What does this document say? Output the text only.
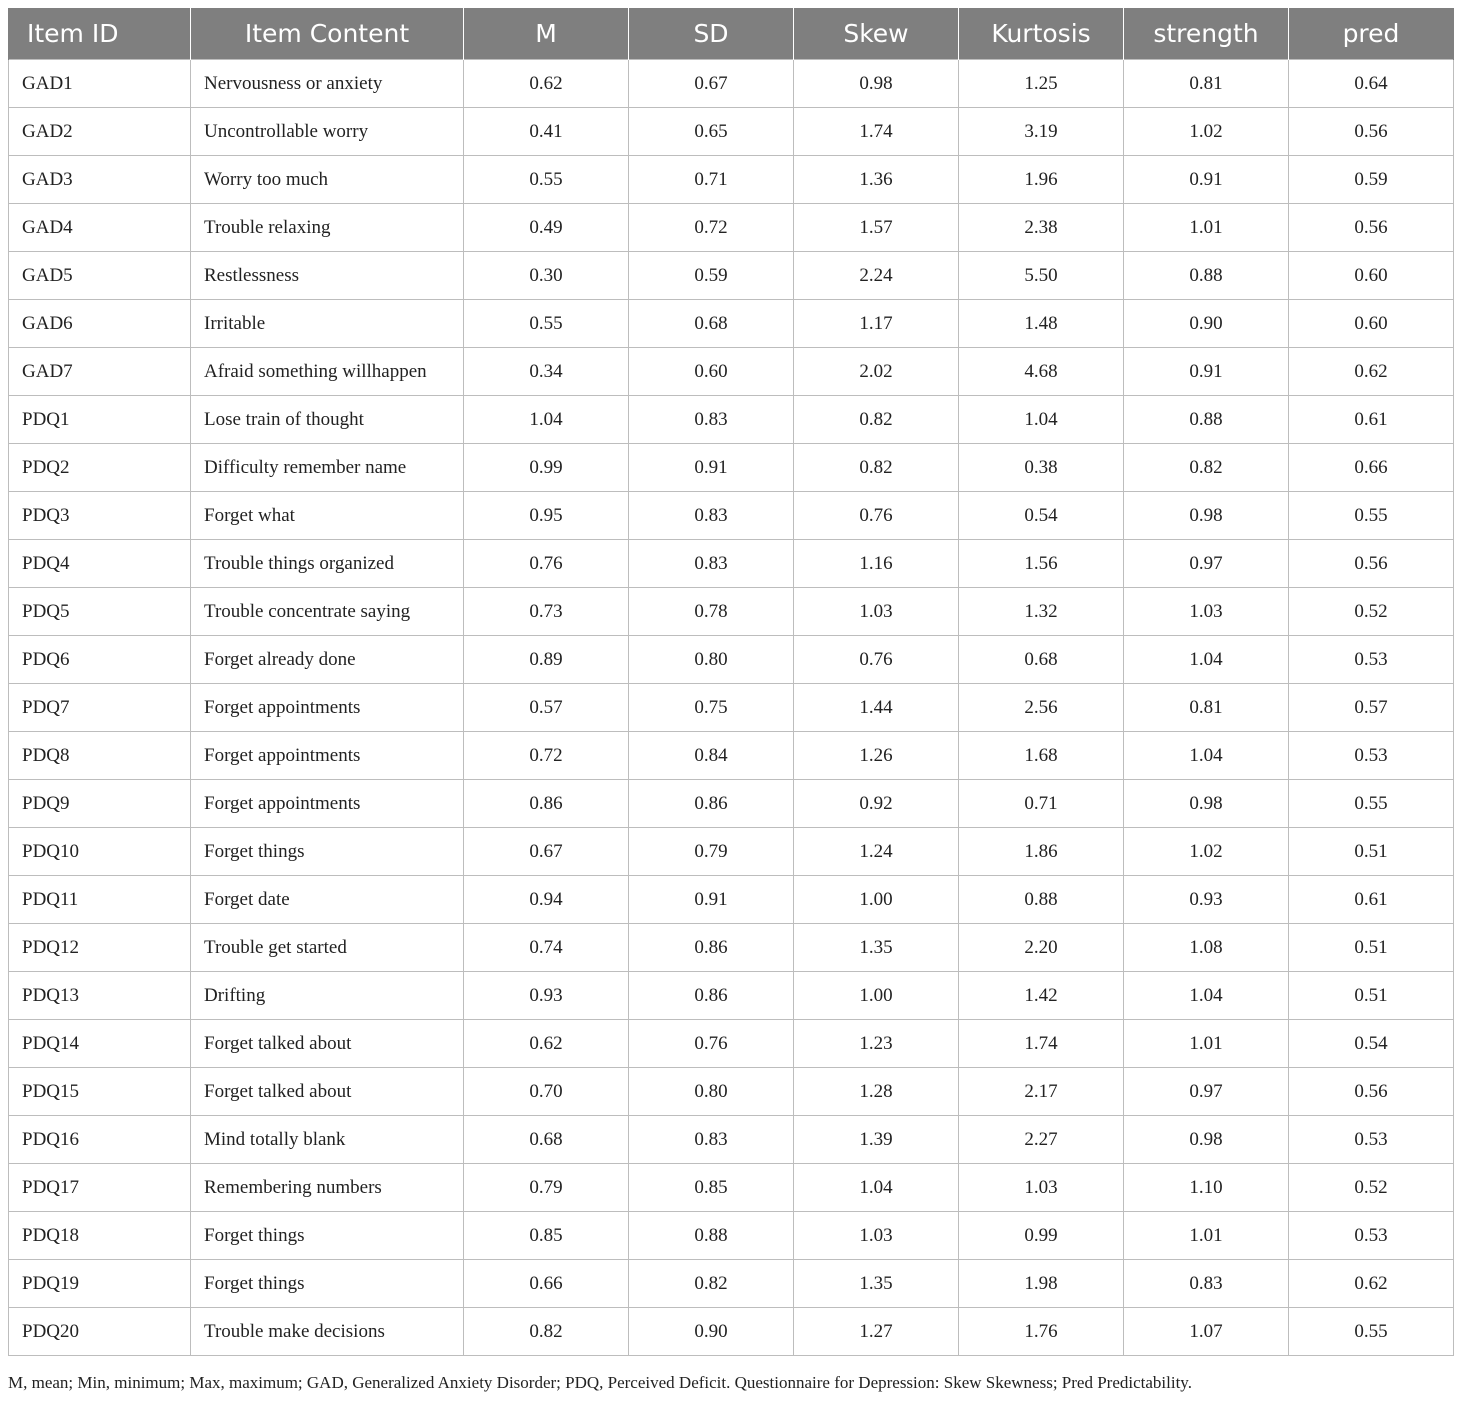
Item ID	Item Content	M	SD	Skew	Kurtosis	strength	pred
GAD1	Nervousness or anxiety	0.62	0.67	0.98	1.25	0.81	0.64
GAD2	Uncontrollable worry	0.41	0.65	1.74	3.19	1.02	0.56
GAD3	Worry too much	0.55	0.71	1.36	1.96	0.91	0.59
GAD4	Trouble relaxing	0.49	0.72	1.57	2.38	1.01	0.56
GAD5	Restlessness	0.30	0.59	2.24	5.50	0.88	0.60
GAD6	Irritable	0.55	0.68	1.17	1.48	0.90	0.60
GAD7	Afraid something willhappen	0.34	0.60	2.02	4.68	0.91	0.62
PDQ1	Lose train of thought	1.04	0.83	0.82	1.04	0.88	0.61
PDQ2	Difficulty remember name	0.99	0.91	0.82	0.38	0.82	0.66
PDQ3	Forget what	0.95	0.83	0.76	0.54	0.98	0.55
PDQ4	Trouble things organized	0.76	0.83	1.16	1.56	0.97	0.56
PDQ5	Trouble concentrate saying	0.73	0.78	1.03	1.32	1.03	0.52
PDQ6	Forget already done	0.89	0.80	0.76	0.68	1.04	0.53
PDQ7	Forget appointments	0.57	0.75	1.44	2.56	0.81	0.57
PDQ8	Forget appointments	0.72	0.84	1.26	1.68	1.04	0.53
PDQ9	Forget appointments	0.86	0.86	0.92	0.71	0.98	0.55
PDQ10	Forget things	0.67	0.79	1.24	1.86	1.02	0.51
PDQ11	Forget date	0.94	0.91	1.00	0.88	0.93	0.61
PDQ12	Trouble get started	0.74	0.86	1.35	2.20	1.08	0.51
PDQ13	Drifting	0.93	0.86	1.00	1.42	1.04	0.51
PDQ14	Forget talked about	0.62	0.76	1.23	1.74	1.01	0.54
PDQ15	Forget talked about	0.70	0.80	1.28	2.17	0.97	0.56
PDQ16	Mind totally blank	0.68	0.83	1.39	2.27	0.98	0.53
PDQ17	Remembering numbers	0.79	0.85	1.04	1.03	1.10	0.52
PDQ18	Forget things	0.85	0.88	1.03	0.99	1.01	0.53
PDQ19	Forget things	0.66	0.82	1.35	1.98	0.83	0.62
PDQ20	Trouble make decisions	0.82	0.90	1.27	1.76	1.07	0.55
M, mean; Min, minimum; Max, maximum; GAD, Generalized Anxiety Disorder; PDQ, Perceived Deficit. Questionnaire for Depression: Skew Skewness; Pred Predictability.
